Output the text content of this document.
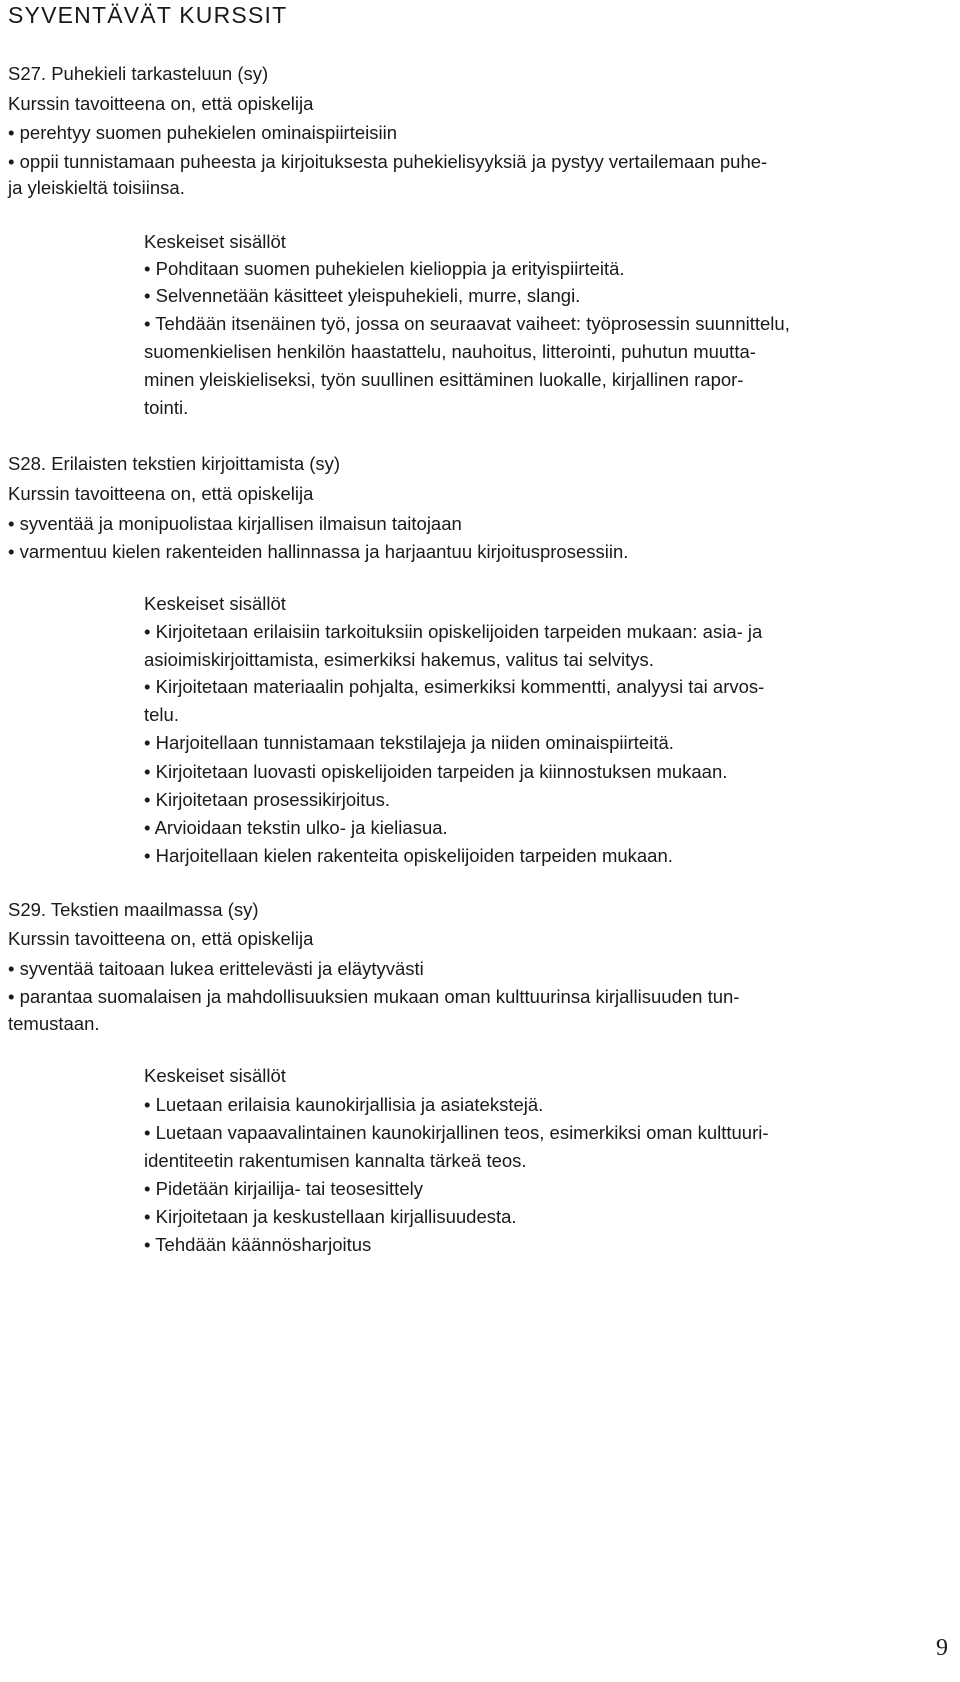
SYVENTÄVÄT KURSSIT
S27. Puhekieli tarkasteluun (sy)
Kurssin tavoitteena on, että opiskelija
• perehtyy suomen puhekielen ominaispiirteisiin
• oppii tunnistamaan puheesta ja kirjoituksesta puhekielisyyksiä ja pystyy vertailemaan puhe-
ja yleiskieltä toisiinsa.
Keskeiset sisällöt
• Pohditaan suomen puhekielen kielioppia ja erityispiirteitä.
• Selvennetään käsitteet yleispuhekieli, murre, slangi.
• Tehdään itsenäinen työ, jossa on seuraavat vaiheet: työprosessin suunnittelu,
suomenkielisen henkilön haastattelu, nauhoitus, litterointi, puhutun muutta-
minen yleiskieliseksi, työn suullinen esittäminen luokalle, kirjallinen rapor-
tointi.
S28. Erilaisten tekstien kirjoittamista (sy)
Kurssin tavoitteena on, että opiskelija
• syventää ja monipuolistaa kirjallisen ilmaisun taitojaan
• varmentuu kielen rakenteiden hallinnassa ja harjaantuu kirjoitusprosessiin.
Keskeiset sisällöt
• Kirjoitetaan erilaisiin tarkoituksiin opiskelijoiden tarpeiden mukaan: asia- ja
asioimiskirjoittamista, esimerkiksi hakemus, valitus tai selvitys.
• Kirjoitetaan materiaalin pohjalta, esimerkiksi kommentti, analyysi tai arvos-
telu.
• Harjoitellaan tunnistamaan tekstilajeja ja niiden ominaispiirteitä.
• Kirjoitetaan luovasti opiskelijoiden tarpeiden ja kiinnostuksen mukaan.
• Kirjoitetaan prosessikirjoitus.
• Arvioidaan tekstin ulko- ja kieliasua.
• Harjoitellaan kielen rakenteita opiskelijoiden tarpeiden mukaan.
S29. Tekstien maailmassa (sy)
Kurssin tavoitteena on, että opiskelija
• syventää taitoaan lukea erittelevästi ja eläytyvästi
• parantaa suomalaisen ja mahdollisuuksien mukaan oman kulttuurinsa kirjallisuuden tun-
temustaan.
Keskeiset sisällöt
• Luetaan erilaisia kaunokirjallisia ja asiatekstejä.
• Luetaan vapaavalintainen kaunokirjallinen teos, esimerkiksi oman kulttuuri-
identiteetin rakentumisen kannalta tärkeä teos.
• Pidetään kirjailija- tai teosesittely
• Kirjoitetaan ja keskustellaan kirjallisuudesta.
• Tehdään käännösharjoitus
9
